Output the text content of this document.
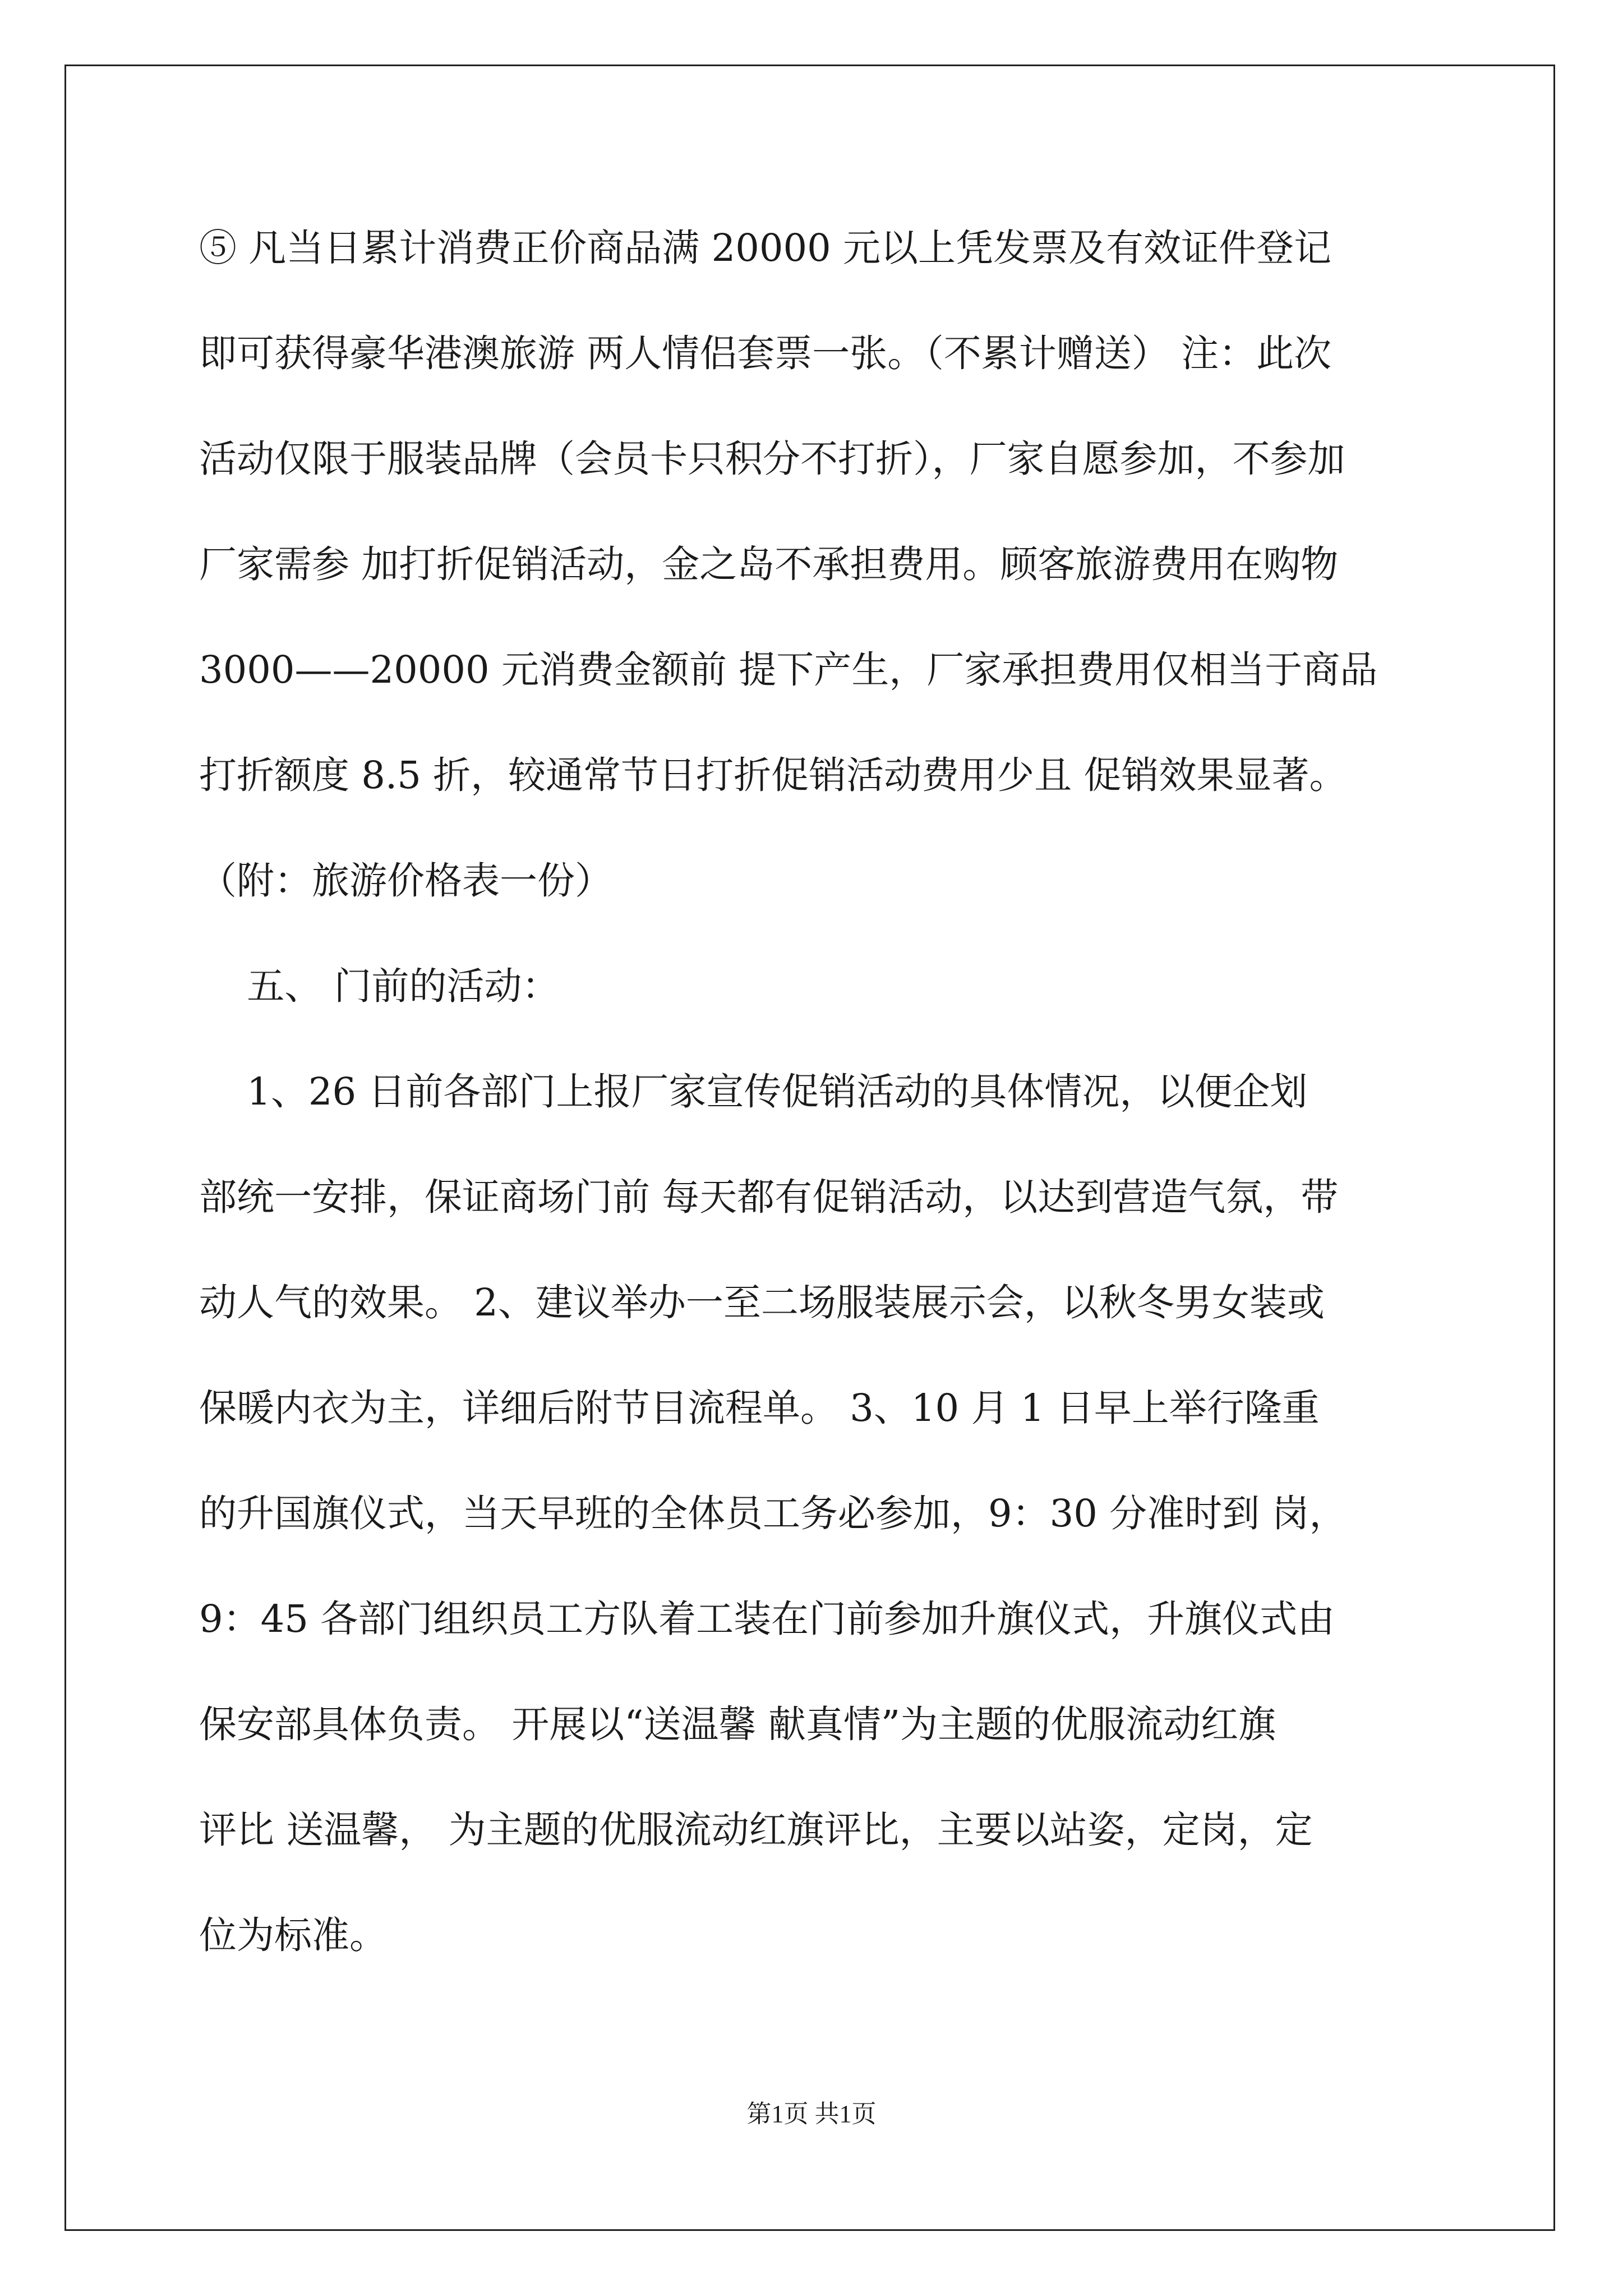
⑤ 凡当日累计消费正价商品满 20000 元以上凭发票及有效证件登记
即可获得豪华港澳旅游 两人情侣套票一张。（不累计赠送） 注：此次
活动仅限于服装品牌（会员卡只积分不打折），厂家自愿参加，不参加
厂家需参 加打折促销活动，金之岛不承担费用。顾客旅游费用在购物
3000——20000 元消费金额前 提下产生，厂家承担费用仅相当于商品
打折额度 8.5 折，较通常节日打折促销活动费用少且 促销效果显著。
（附：旅游价格表一份）
五、 门前的活动：
1、26 日前各部门上报厂家宣传促销活动的具体情况，以便企划
部统一安排，保证商场门前 每天都有促销活动，以达到营造气氛，带
动人气的效果。 2、建议举办一至二场服装展示会，以秋冬男女装或
保暖内衣为主，详细后附节目流程单。 3、10 月 1 日早上举行隆重
的升国旗仪式，当天早班的全体员工务必参加，9：30 分准时到 岗，
9：45 各部门组织员工方队着工装在门前参加升旗仪式，升旗仪式由
保安部具体负责。 开展以“送温馨 献真情”为主题的优服流动红旗
评比 送温馨， 为主题的优服流动红旗评比，主要以站姿，定岗，定
位为标准。
第1页 共1页
